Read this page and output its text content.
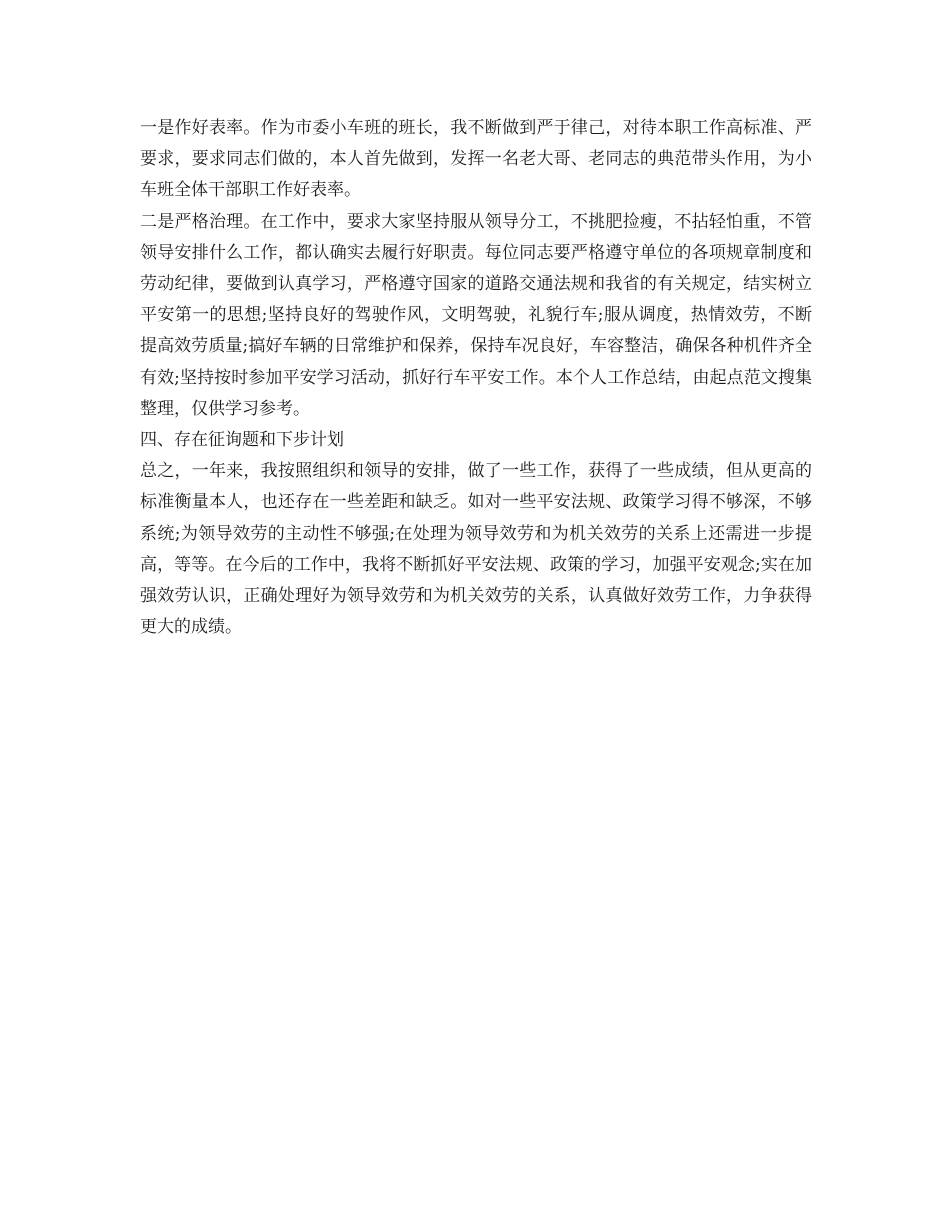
一是作好表率。作为市委小车班的班长，我不断做到严于律己，对待本职工作高标准、严要求，要求同志们做的，本人首先做到，发挥一名老大哥、老同志的典范带头作用，为小车班全体干部职工作好表率。

二是严格治理。在工作中，要求大家坚持服从领导分工，不挑肥捡瘦，不拈轻怕重，不管领导安排什么工作，都认确实去履行好职责。每位同志要严格遵守单位的各项规章制度和劳动纪律，要做到认真学习，严格遵守国家的道路交通法规和我省的有关规定，结实树立平安第一的思想;坚持良好的驾驶作风，文明驾驶，礼貌行车;服从调度，热情效劳，不断提高效劳质量;搞好车辆的日常维护和保养，保持车况良好，车容整洁，确保各种机件齐全有效;坚持按时参加平安学习活动，抓好行车平安工作。本个人工作总结，由起点范文搜集整理，仅供学习参考。

四、存在征询题和下步计划

总之，一年来，我按照组织和领导的安排，做了一些工作，获得了一些成绩，但从更高的标准衡量本人，也还存在一些差距和缺乏。如对一些平安法规、政策学习得不够深，不够系统;为领导效劳的主动性不够强;在处理为领导效劳和为机关效劳的关系上还需进一步提高，等等。在今后的工作中，我将不断抓好平安法规、政策的学习，加强平安观念;实在加强效劳认识，正确处理好为领导效劳和为机关效劳的关系，认真做好效劳工作，力争获得更大的成绩。
